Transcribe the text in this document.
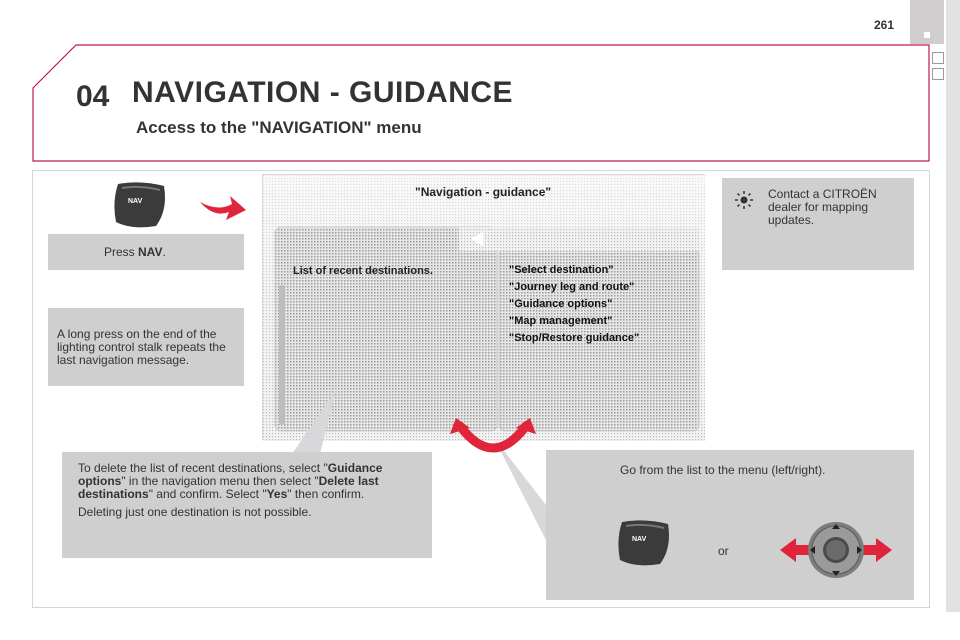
261
04 NAVIGATION - GUIDANCE
Access to the "NAVIGATION" menu
NAV
Press NAV.
A long press on the end of the lighting control stalk repeats the last navigation message.
Contact a CITROËN dealer for mapping updates.
"Navigation - guidance"
List of recent destinations.	"Select destination"
"Journey leg and route"
"Guidance options"
"Map management"
"Stop/Restore guidance"
To delete the list of recent destinations, select "Guidance options" in the navigation menu then select "Delete last destinations" and confirm. Select "Yes" then confirm.
Deleting just one destination is not possible.
Go from the list to the menu (left/right).
NAV
or
